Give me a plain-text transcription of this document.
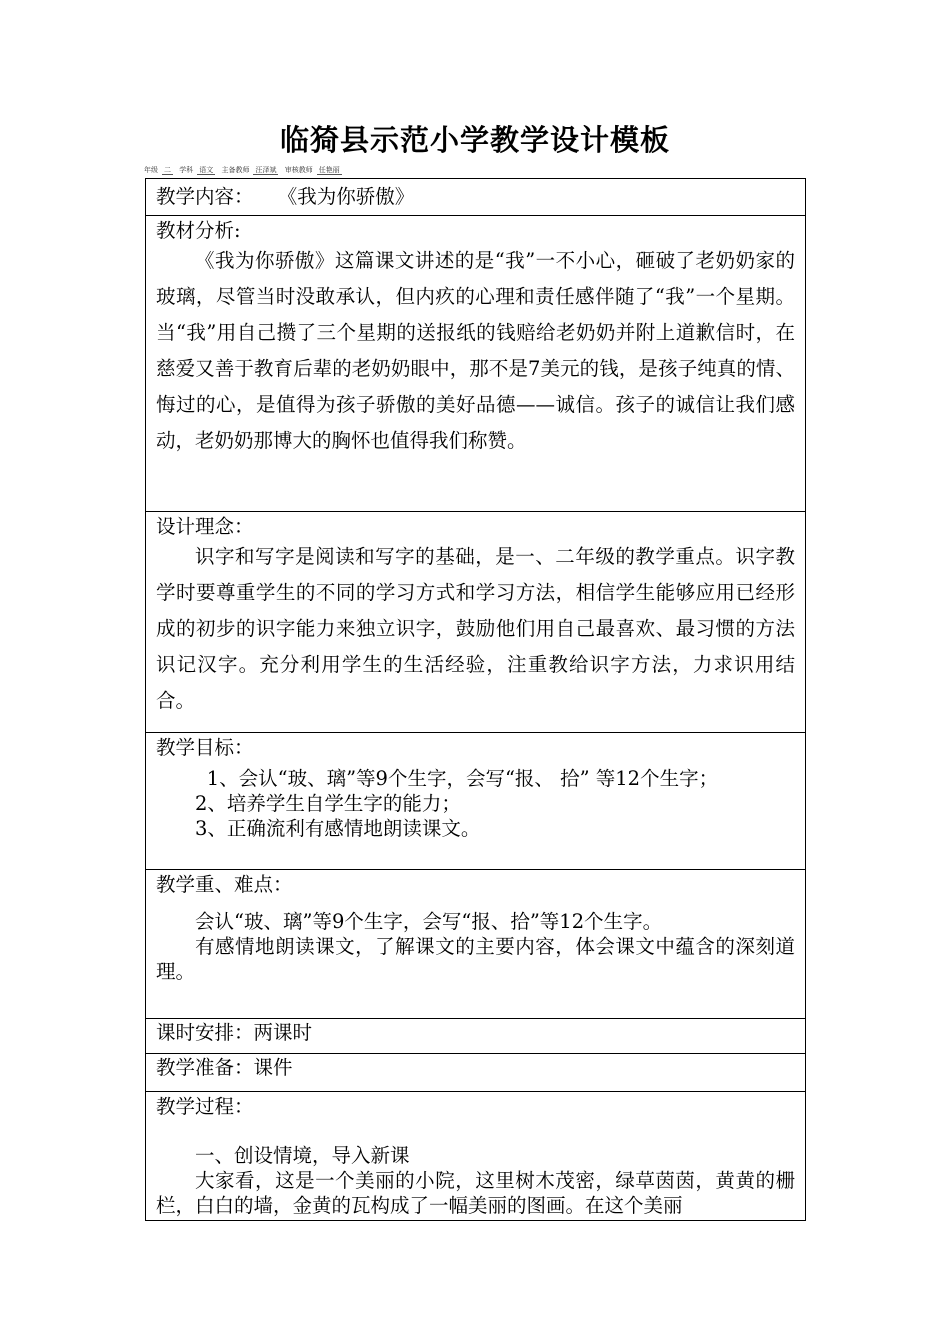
临猗县示范小学教学设计模板
年级 二 学科 语文 主备教师 汪泽斌 审核教师 任艳丽
教学内容： 《我为你骄傲》

教材分析:

《我为你骄傲》这篇课文讲述的是“我”一不小心，砸破了老奶奶家的玻璃，尽管当时没敢承认，但内疚的心理和责任感伴随了“我”一个星期。当“我”用自己攒了三个星期的送报纸的钱赔给老奶奶并附上道歉信时，在慈爱又善于教育后辈的老奶奶眼中，那不是7美元的钱，是孩子纯真的情、悔过的心，是值得为孩子骄傲的美好品德——诚信。孩子的诚信让我们感动，老奶奶那博大的胸怀也值得我们称赞。

设计理念：

识字和写字是阅读和写字的基础，是一、二年级的教学重点。识字教学时要尊重学生的不同的学习方式和学习方法，相信学生能够应用已经形成的初步的识字能力来独立识字，鼓励他们用自己最喜欢、最习惯的方法识记汉字。充分利用学生的生活经验，注重教给识字方法，力求识用结合。

教学目标：

1、会认“玻、璃”等9个生字，会写“报、 拾” 等12个生字；

2、培养学生自学生字的能力；

3、正确流利有感情地朗读课文。

教学重、难点：

会认“玻、璃”等9个生字，会写“报、拾”等12个生字。

有感情地朗读课文，了解课文的主要内容，体会课文中蕴含的深刻道理。

课时安排：两课时
教学准备：课件

教学过程：

一、创设情境，导入新课

大家看，这是一个美丽的小院，这里树木茂密，绿草茵茵，黄黄的栅栏，白白的墙，金黄的瓦构成了一幅美丽的图画。在这个美丽
